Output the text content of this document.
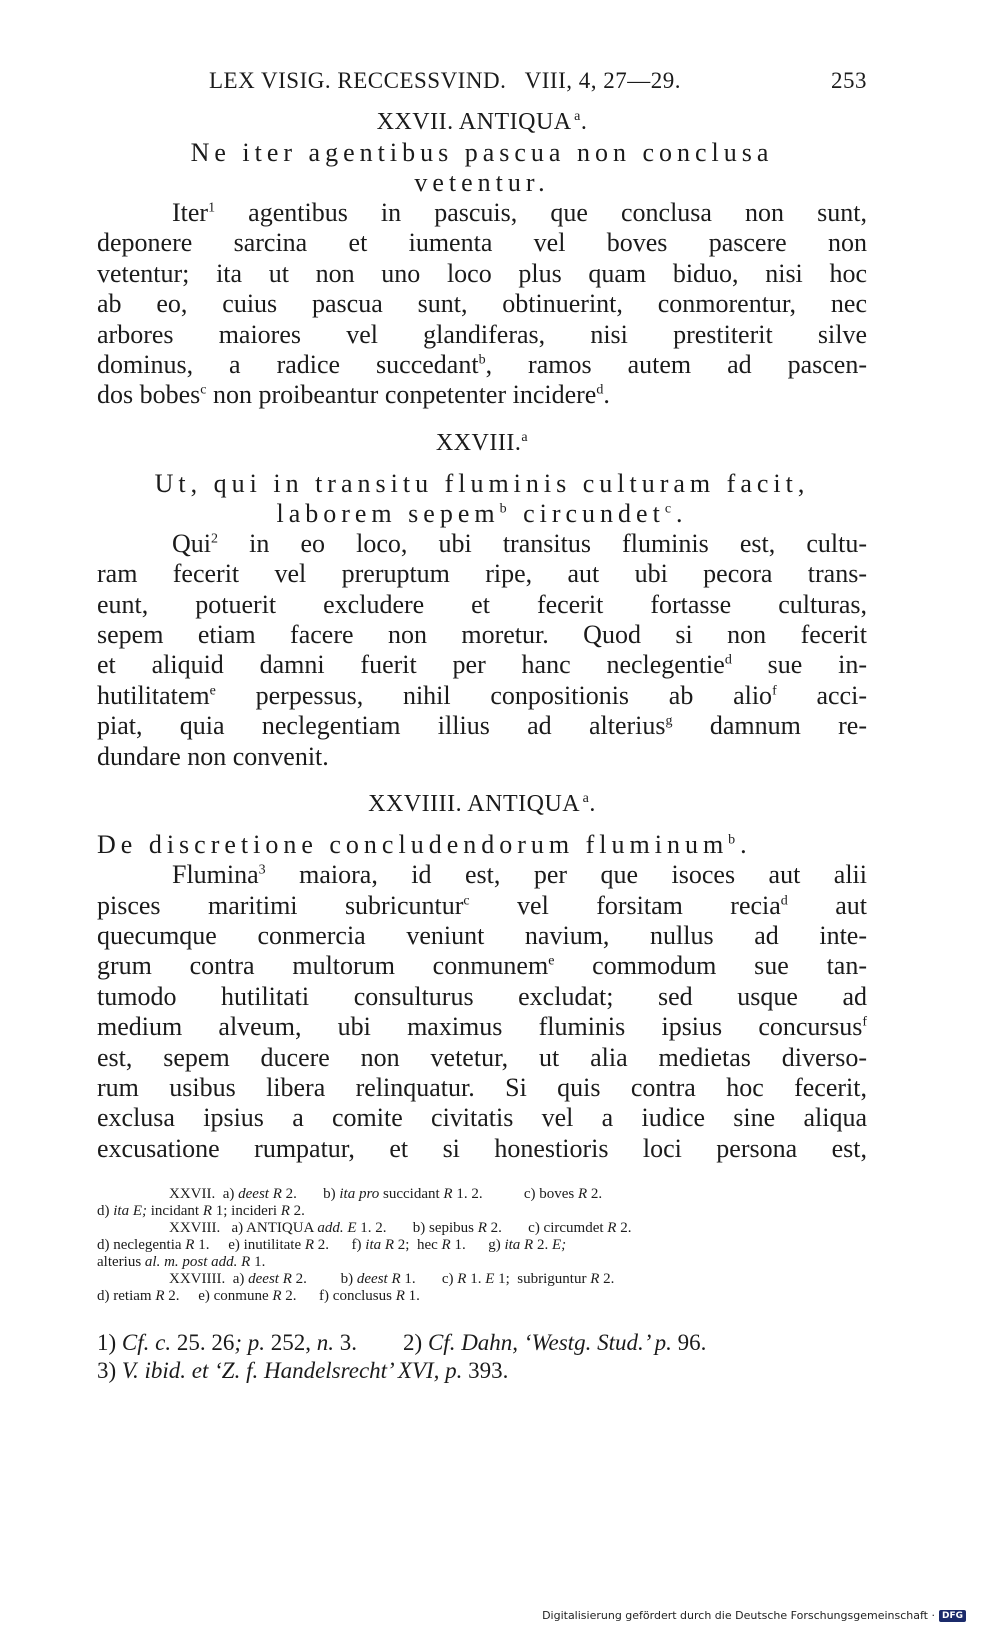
LEX VISIG. RECCESSVIND.   VIII, 4, 27—29.	253

XXVII. ANTIQUA  $^a$.

Ne iter agentibus pascua non conclusa
vetentur.

Iter$^1$ agentibus in pascuis, que conclusa non sunt,
deponere sarcina et iumenta vel boves pascere non
vetentur; ita ut non uno loco plus quam biduo, nisi hoc
ab eo, cuius pascua sunt, obtinuerint, conmorentur, nec
arbores maiores vel glandiferas, nisi prestiterit silve
dominus, a radice succedant$^b$, ramos autem ad pascen-
dos bobes$^c$ non proibeantur conpetenter incidere$^d$.

XXVIII.$^a$

Ut, qui in transitu fluminis culturam facit,
laborem sepem$^b$ circundet$^c$.

Qui$^2$ in eo loco, ubi transitus fluminis est, cultu-
ram fecerit vel preruptum ripe, aut ubi pecora trans-
eunt, potuerit excludere et fecerit fortasse culturas,
sepem etiam facere non moretur. Quod si non fecerit
et aliquid damni fuerit per hanc neclegentie$^d$ sue in-
hutilitatem$^e$ perpessus, nihil conpositionis ab alio$^f$ acci-
piat, quia neclegentiam illius ad alterius$^g$ damnum re-
dundare non convenit.

XXVIIII. ANTIQUA  $^a$.

De discretione concludendorum fluminum$^b$.

Flumina$^3$ maiora, id est, per que isoces aut alii
pisces maritimi subricuntur$^c$ vel forsitam recia$^d$ aut
quecumque conmercia veniunt navium, nullus ad inte-
grum contra multorum conmunem$^e$ commodum sue tan-
tumodo hutilitati consulturus excludat; sed usque ad
medium alveum, ubi maximus fluminis ipsius concursus$^f$
est, sepem ducere non vetetur, ut alia medietas diverso-
rum usibus libera relinquatur. Si quis contra hoc fecerit,
exclusa ipsius a comite civitatis vel a iudice sine aliqua
excusatione rumpatur, et si honestioris loci persona est,
XXVII.  a) deest R 2.       b) ita pro succidant R 1. 2.           c) boves R 2.
d) ita E; incidant R 1; incideri R 2.
XXVIII.   a) ANTIQUA add. E 1. 2.       b) sepibus R 2.       c) circumdet R 2.
d) neclegentia R 1.     e) inutilitate R 2.      f) ita R 2;  hec R 1.      g) ita R 2. E;
alterius al. m. post add. R 1.
XXVIIII.  a) deest R 2.         b) deest R 1.       c) R 1. E 1;  subriguntur R 2.
d) retiam R 2.     e) conmune R 2.      f) conclusus R 1.
1) Cf. c. 25. 26; p. 252, n. 3.        2) Cf. Dahn, ‘Westg. Stud.’ p. 96.
3) V. ibid. et ‘Z. f. Handelsrecht’ XVI, p. 393.
Digitalisierung gefördert durch die Deutsche Forschungsgemeinschaft · DFG
